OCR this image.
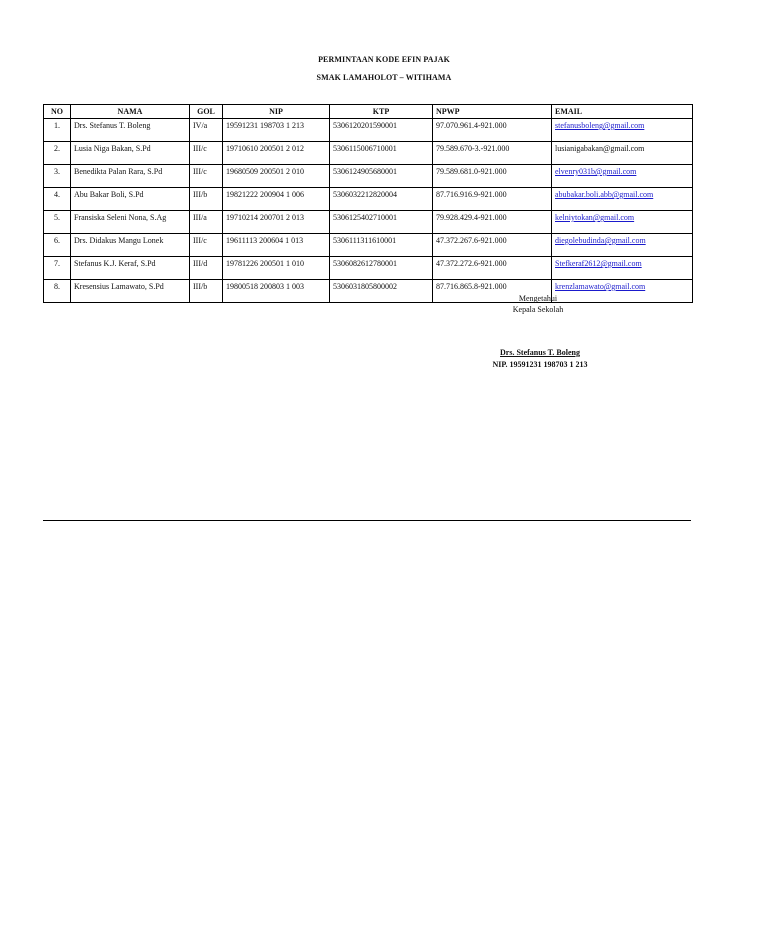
PERMINTAAN KODE EFIN PAJAK
SMAK LAMAHOLOT – WITIHAMA
NO	NAMA	GOL	NIP	KTP	NPWP	EMAIL
1.	Drs. Stefanus T. Boleng	IV/a	19591231 198703 1 213	5306120201590001	97.070.961.4-921.000	stefanusboleng@gmail.com
2.	Lusia Niga Bakan, S.Pd	III/c	19710610 200501 2 012	5306115006710001	79.589.670-3.-921.000	lusianigabakan@gmail.com
3.	Benedikta Palan Rara, S.Pd	III/c	19680509 200501 2 010	5306124905680001	79.589.681.0-921.000	elvenry031b@gmail.com
4.	Abu Bakar Boli, S.Pd	III/b	19821222 200904 1 006	5306032212820004	87.716.916.9-921.000	abubakar.boli.abb@gmail.com
5.	Fransiska Seleni Nona, S.Ag	III/a	19710214 200701 2 013	5306125402710001	79.928.429.4-921.000	kelniytokan@gmail.com
6.	Drs. Didakus Mangu Lonek	III/c	19611113 200604 1 013	5306111311610001	47.372.267.6-921.000	diegolebudinda@gmail.com
7.	Stefanus K.J. Keraf, S.Pd	III/d	19781226 200501 1 010	5306082612780001	47.372.272.6-921.000	Stefkeraf2612@gmail.com
8.	Kresensius Lamawato, S.Pd	III/b	19800518 200803 1 003	5306031805800002	87.716.865.8-921.000	krenzlamawato@gmail.com
Mengetahui
Kepala Sekolah
Drs. Stefanus T. Boleng
NIP. 19591231 198703 1 213
